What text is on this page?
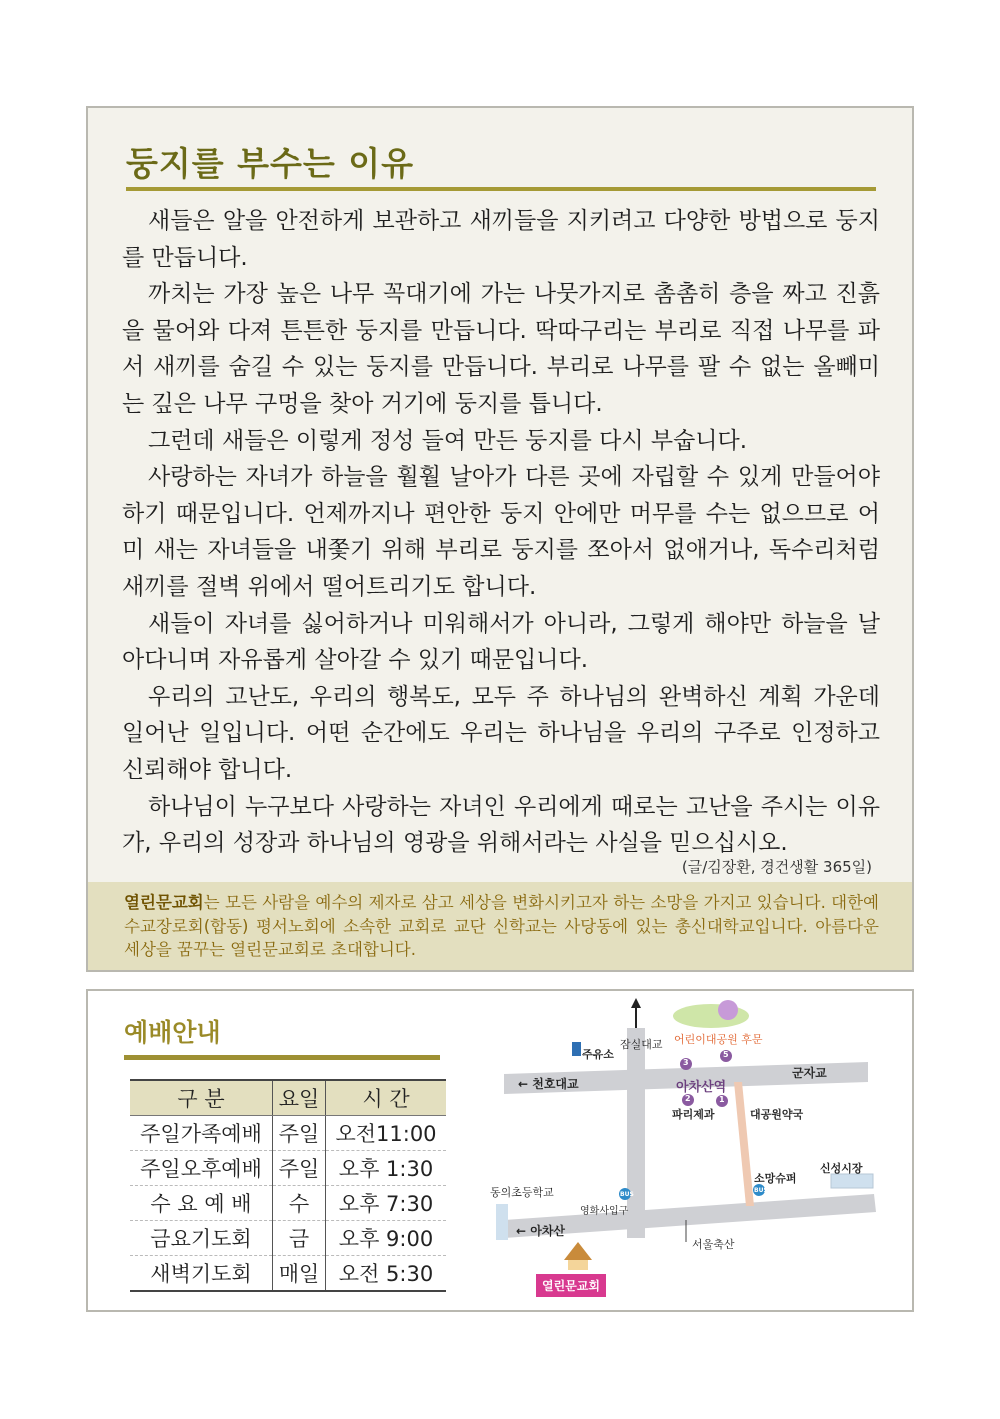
둥지를 부수는 이유

새들은 알을 안전하게 보관하고 새끼들을 지키려고 다양한 방법으로 둥지를 만듭니다.

까치는 가장 높은 나무 꼭대기에 가는 나뭇가지로 촘촘히 층을 짜고 진흙을 물어와 다져 튼튼한 둥지를 만듭니다. 딱따구리는 부리로 직접 나무를 파서 새끼를 숨길 수 있는 둥지를 만듭니다. 부리로 나무를 팔 수 없는 올빼미는 깊은 나무 구멍을 찾아 거기에 둥지를 틉니다.

그런데 새들은 이렇게 정성 들여 만든 둥지를 다시 부숩니다.

사랑하는 자녀가 하늘을 훨훨 날아가 다른 곳에 자립할 수 있게 만들어야 하기 때문입니다. 언제까지나 편안한 둥지 안에만 머무를 수는 없으므로 어미 새는 자녀들을 내쫓기 위해 부리로 둥지를 쪼아서 없애거나, 독수리처럼 새끼를 절벽 위에서 떨어트리기도 합니다.

새들이 자녀를 싫어하거나 미워해서가 아니라, 그렇게 해야만 하늘을 날아다니며 자유롭게 살아갈 수 있기 때문입니다.

우리의 고난도, 우리의 행복도, 모두 주 하나님의 완벽하신 계획 가운데 일어난 일입니다. 어떤 순간에도 우리는 하나님을 우리의 구주로 인정하고 신뢰해야 합니다.

하나님이 누구보다 사랑하는 자녀인 우리에게 때로는 고난을 주시는 이유가, 우리의 성장과 하나님의 영광을 위해서라는 사실을 믿으십시오.

(글/김장환, 경건생활 365일)
열린문교회는 모든 사람을 예수의 제자로 삼고 세상을 변화시키고자 하는 소망을 가지고 있습니다. 대한예수교장로회(합동) 평서노회에 소속한 교회로 교단 신학교는 사당동에 있는 총신대학교입니다. 아름다운 세상을 꿈꾸는 열린문교회로 초대합니다.
예배안내
구 분	요일	시 간
주일가족예배	주일	오전11:00
주일오후예배	주일	오후 1:30
수 요 예 배	수	오후 7:30
금요기도회	금	오후 9:00
새벽기도회	매일	오전 5:30
잠실대교 어린이대공원 후문
주유소
← 천호대교	아차산역
군자교
파리제과	대공원약국
소망슈퍼
신성시장
동의초등학교
영화사입구
← 아차산
서울축산
BUS
BUS
3
5
2	1
열린문교회
